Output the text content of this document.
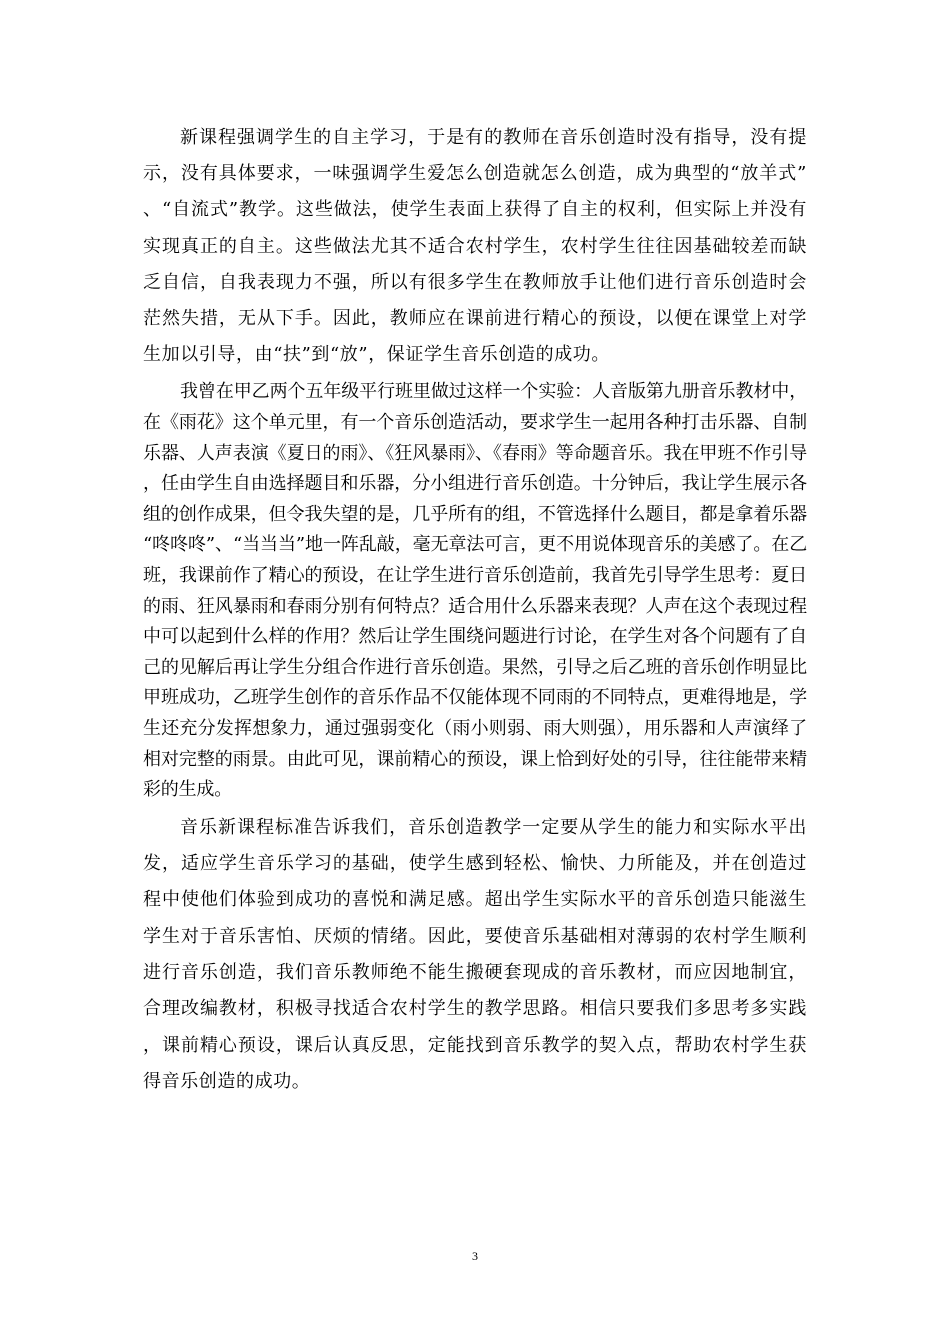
新课程强调学生的自主学习，于是有的教师在音乐创造时没有指导，没有提示，没有具体要求，一味强调学生爱怎么创造就怎么创造，成为典型的“放羊式”、“自流式”教学。这些做法，使学生表面上获得了自主的权利，但实际上并没有实现真正的自主。这些做法尤其不适合农村学生，农村学生往往因基础较差而缺乏自信，自我表现力不强，所以有很多学生在教师放手让他们进行音乐创造时会茫然失措，无从下手。因此，教师应在课前进行精心的预设，以便在课堂上对学生加以引导，由“扶”到“放”，保证学生音乐创造的成功。

我曾在甲乙两个五年级平行班里做过这样一个实验：人音版第九册音乐教材中，在《雨花》这个单元里，有一个音乐创造活动，要求学生一起用各种打击乐器、自制乐器、人声表演《夏日的雨》、《狂风暴雨》、《春雨》等命题音乐。我在甲班不作引导，任由学生自由选择题目和乐器，分小组进行音乐创造。十分钟后，我让学生展示各组的创作成果，但令我失望的是，几乎所有的组，不管选择什么题目，都是拿着乐器“咚咚咚”、“当当当”地一阵乱敲，毫无章法可言，更不用说体现音乐的美感了。在乙班，我课前作了精心的预设，在让学生进行音乐创造前，我首先引导学生思考：夏日的雨、狂风暴雨和春雨分别有何特点？适合用什么乐器来表现？人声在这个表现过程中可以起到什么样的作用？然后让学生围绕问题进行讨论，在学生对各个问题有了自己的见解后再让学生分组合作进行音乐创造。果然，引导之后乙班的音乐创作明显比甲班成功，乙班学生创作的音乐作品不仅能体现不同雨的不同特点，更难得地是，学生还充分发挥想象力，通过强弱变化（雨小则弱、雨大则强），用乐器和人声演绎了相对完整的雨景。由此可见，课前精心的预设，课上恰到好处的引导，往往能带来精彩的生成。

音乐新课程标准告诉我们，音乐创造教学一定要从学生的能力和实际水平出发，适应学生音乐学习的基础，使学生感到轻松、愉快、力所能及，并在创造过程中使他们体验到成功的喜悦和满足感。超出学生实际水平的音乐创造只能滋生学生对于音乐害怕、厌烦的情绪。因此，要使音乐基础相对薄弱的农村学生顺利进行音乐创造，我们音乐教师绝不能生搬硬套现成的音乐教材，而应因地制宜，合理改编教材，积极寻找适合农村学生的教学思路。相信只要我们多思考多实践，课前精心预设，课后认真反思，定能找到音乐教学的契入点，帮助农村学生获得音乐创造的成功。

3
